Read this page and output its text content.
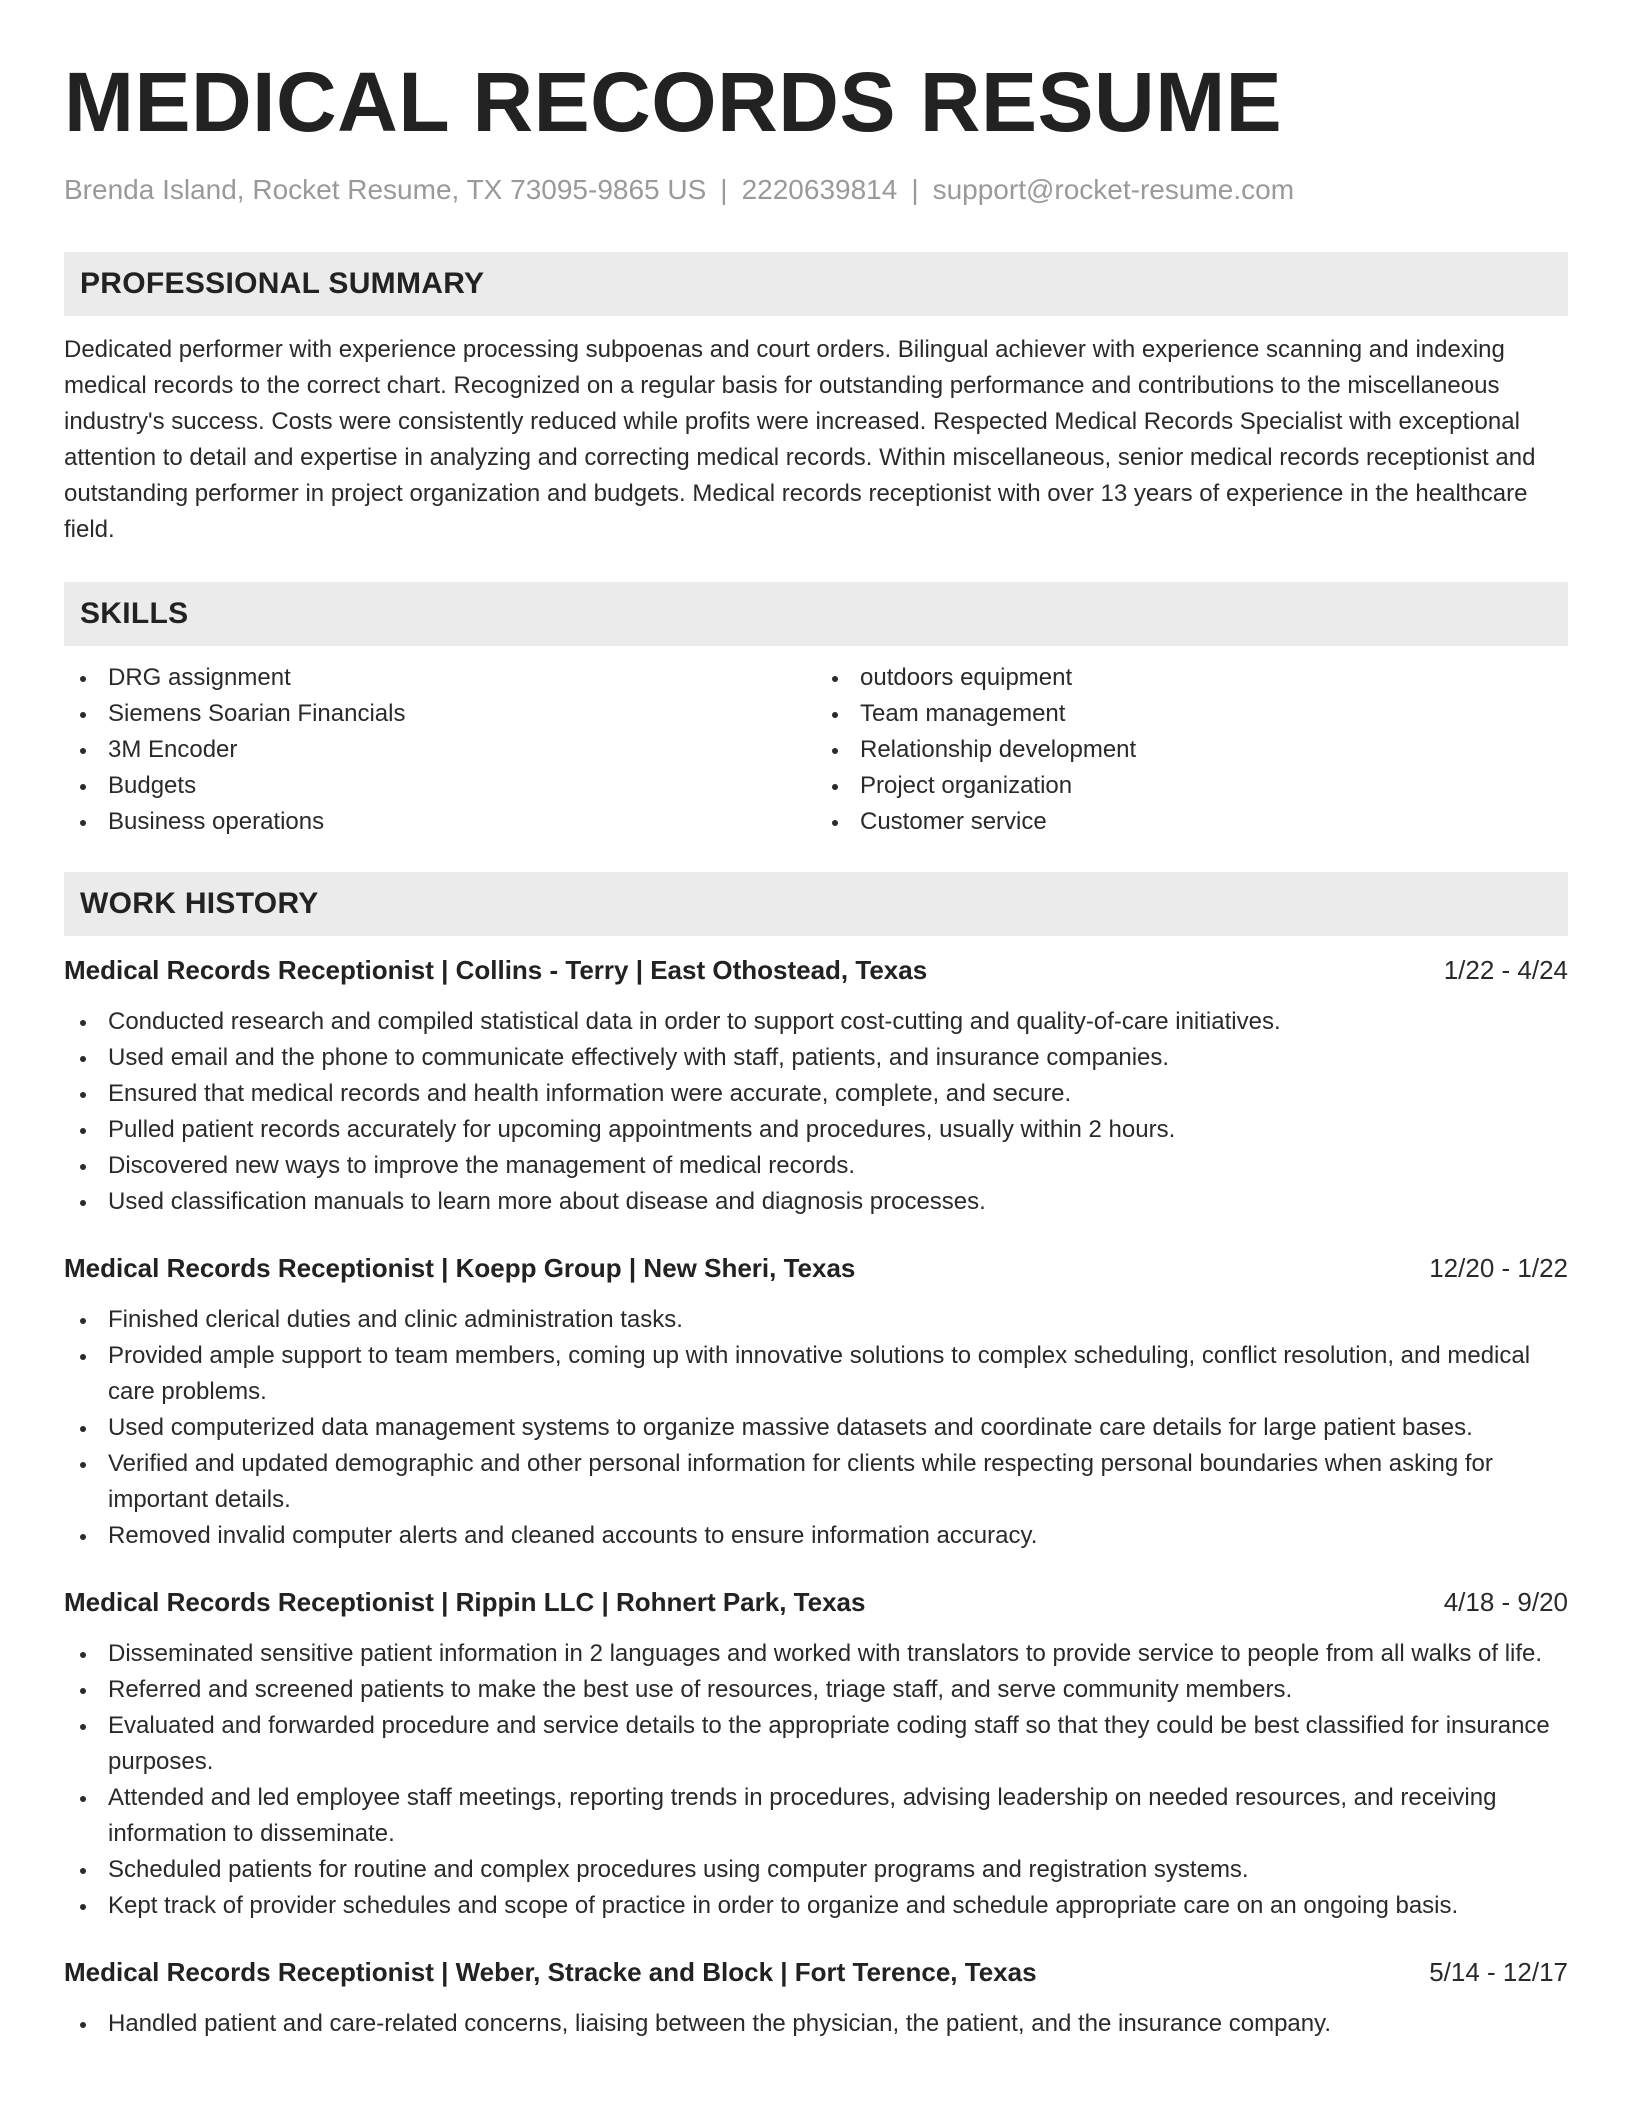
MEDICAL RECORDS RESUME
Brenda Island, Rocket Resume, TX 73095-9865 US | 2220639814 | support@rocket-resume.com
PROFESSIONAL SUMMARY

Dedicated performer with experience processing subpoenas and court orders. Bilingual achiever with experience scanning and indexing medical records to the correct chart. Recognized on a regular basis for outstanding performance and contributions to the miscellaneous industry's success. Costs were consistently reduced while profits were increased. Respected Medical Records Specialist with exceptional attention to detail and expertise in analyzing and correcting medical records. Within miscellaneous, senior medical records receptionist and outstanding performer in project organization and budgets. Medical records receptionist with over 13 years of experience in the healthcare field.

SKILLS
DRG assignment
Siemens Soarian Financials
3M Encoder
Budgets
Business operations
outdoors equipment
Team management
Relationship development
Project organization
Customer service
WORK HISTORY
Medical Records Receptionist | Collins - Terry | East Othostead, Texas	1/22 - 4/24
Conducted research and compiled statistical data in order to support cost-cutting and quality-of-care initiatives.
Used email and the phone to communicate effectively with staff, patients, and insurance companies.
Ensured that medical records and health information were accurate, complete, and secure.
Pulled patient records accurately for upcoming appointments and procedures, usually within 2 hours.
Discovered new ways to improve the management of medical records.
Used classification manuals to learn more about disease and diagnosis processes.
Medical Records Receptionist | Koepp Group | New Sheri, Texas	12/20 - 1/22
Finished clerical duties and clinic administration tasks.
Provided ample support to team members, coming up with innovative solutions to complex scheduling, conflict resolution, and medical care problems.
Used computerized data management systems to organize massive datasets and coordinate care details for large patient bases.
Verified and updated demographic and other personal information for clients while respecting personal boundaries when asking for important details.
Removed invalid computer alerts and cleaned accounts to ensure information accuracy.
Medical Records Receptionist | Rippin LLC | Rohnert Park, Texas	4/18 - 9/20
Disseminated sensitive patient information in 2 languages and worked with translators to provide service to people from all walks of life.
Referred and screened patients to make the best use of resources, triage staff, and serve community members.
Evaluated and forwarded procedure and service details to the appropriate coding staff so that they could be best classified for insurance purposes.
Attended and led employee staff meetings, reporting trends in procedures, advising leadership on needed resources, and receiving information to disseminate.
Scheduled patients for routine and complex procedures using computer programs and registration systems.
Kept track of provider schedules and scope of practice in order to organize and schedule appropriate care on an ongoing basis.
Medical Records Receptionist | Weber, Stracke and Block | Fort Terence, Texas	5/14 - 12/17
Handled patient and care-related concerns, liaising between the physician, the patient, and the insurance company.
